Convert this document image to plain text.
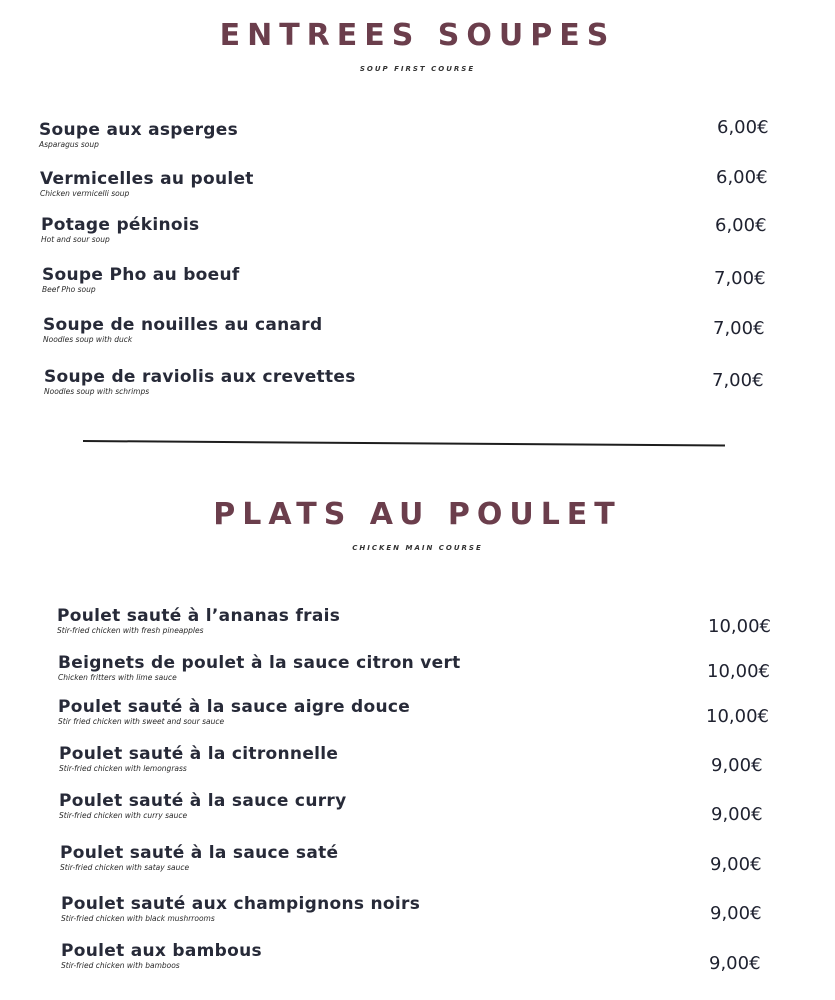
ENTREES SOUPES
SOUP FIRST COURSE
Soupe aux asperges
Asparagus soup
6,00€
Vermicelles au poulet
Chicken vermicelli soup
6,00€
Potage pékinois
Hot and sour soup
6,00€
Soupe Pho au boeuf
Beef Pho soup
7,00€
Soupe de nouilles au canard
Noodles soup with duck
7,00€
Soupe de raviolis aux crevettes
Noodles soup with schrimps
7,00€
PLATS AU POULET
CHICKEN MAIN COURSE
Poulet sauté à l’ananas frais
Stir-fried chicken with fresh pineapples	10,00€
Beignets de poulet à la sauce citron vert
Chicken fritters with lime sauce	10,00€
Poulet sauté à la sauce aigre douce
Stir fried chicken with sweet and sour sauce	10,00€
Poulet sauté à la citronnelle
Stir-fried chicken with lemongrass	9,00€
Poulet sauté à la sauce curry
Stir-fried chicken with curry sauce	9,00€
Poulet sauté à la sauce saté
Stir-fried chicken with satay sauce	9,00€
Poulet sauté aux champignons noirs
Stir-fried chicken with black mushrrooms	9,00€
Poulet aux bambous
Stir-fried chicken with bamboos	9,00€
